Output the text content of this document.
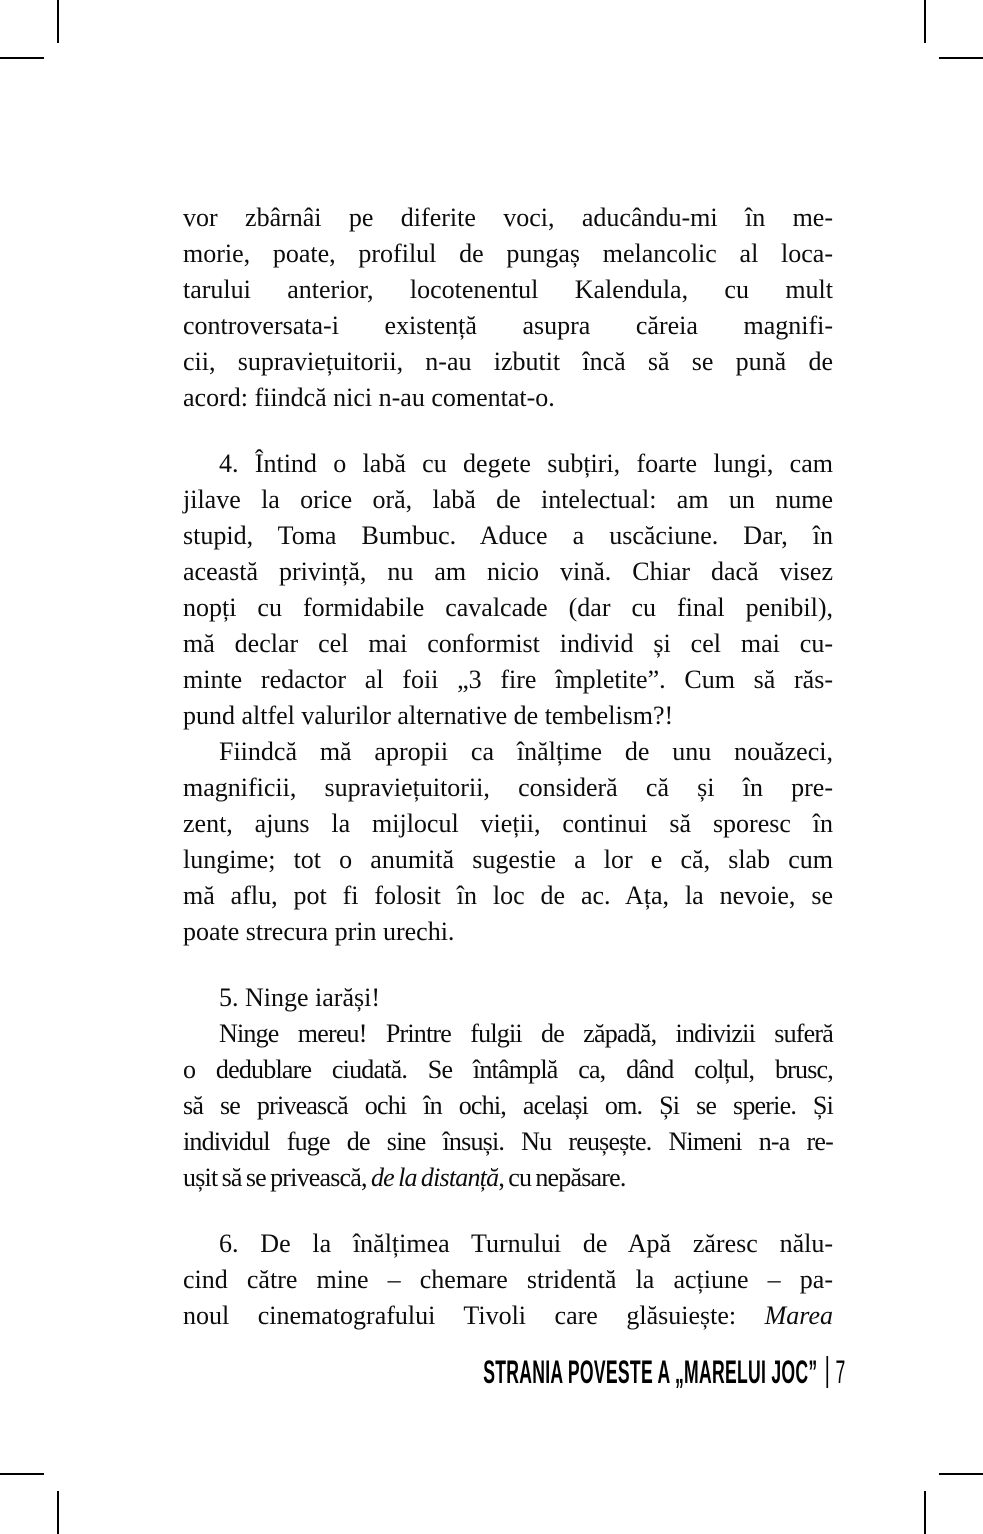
vor zbârnâi pe diferite voci, aducându-mi în me-
morie, poate, profilul de pungaș melancolic al loca-
tarului anterior, locotenentul Kalendula, cu mult
controversata-i existență asupra căreia magnifi-
cii, supraviețuitorii, n-au izbutit încă să se pună de
acord: fiindcă nici n-au comentat-o.
4. Întind o labă cu degete subțiri, foarte lungi, cam
jilave la orice oră, labă de intelectual: am un nume
stupid, Toma Bumbuc. Aduce a uscăciune. Dar, în
această privință, nu am nicio vină. Chiar dacă visez
nopți cu formidabile cavalcade (dar cu final penibil),
mă declar cel mai conformist individ și cel mai cu-
minte redactor al foii „3 fire împletite”. Cum să răs-
pund altfel valurilor alternative de tembelism?!
Fiindcă mă apropii ca înălțime de unu nouăzeci,
magnificii, supraviețuitorii, consideră că și în pre-
zent, ajuns la mijlocul vieții, continui să sporesc în
lungime; tot o anumită sugestie a lor e că, slab cum
mă aflu, pot fi folosit în loc de ac. Ața, la nevoie, se
poate strecura prin urechi.
5. Ninge iarăși!
Ninge mereu! Printre fulgii de zăpadă, indivizii suferă
o dedublare ciudată. Se întâmplă ca, dând colțul, brusc,
să se privească ochi în ochi, același om. Și se sperie. Și
individul fuge de sine însuși. Nu reușește. Nimeni n-a re-
ușit să se privească, de la distanță, cu nepăsare.
6. De la înălțimea Turnului de Apă zăresc nălu-
cind către mine – chemare stridentă la acțiune – pa-
noul cinematografului Tivoli care glăsuiește: Marea
STRANIA POVESTE A „MARELUI JOC” 7
